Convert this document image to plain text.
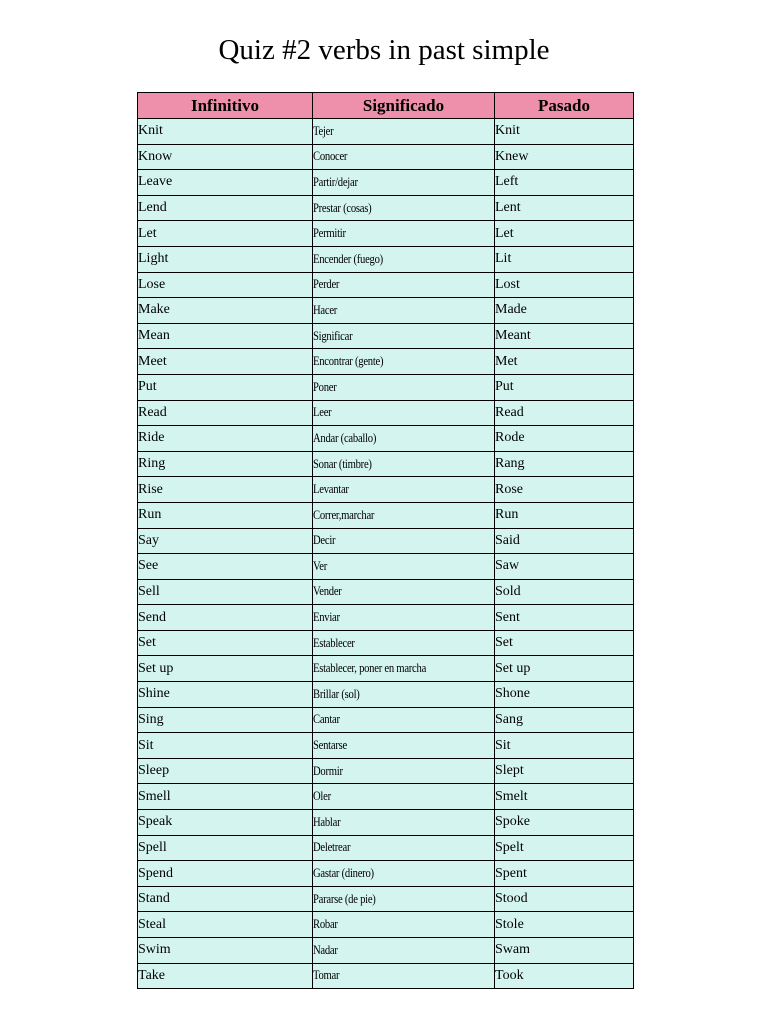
Quiz #2 verbs in past simple
Infinitivo	Significado	Pasado
Knit	Tejer	Knit
Know	Conocer	Knew
Leave	Partir/dejar	Left
Lend	Prestar (cosas)	Lent
Let	Permitir	Let
Light	Encender (fuego)	Lit
Lose	Perder	Lost
Make	Hacer	Made
Mean	Significar	Meant
Meet	Encontrar (gente)	Met
Put	Poner	Put
Read	Leer	Read
Ride	Andar (caballo)	Rode
Ring	Sonar (timbre)	Rang
Rise	Levantar	Rose
Run	Correr,marchar	Run
Say	Decir	Said
See	Ver	Saw
Sell	Vender	Sold
Send	Enviar	Sent
Set	Establecer	Set
Set up	Establecer, poner en marcha	Set up
Shine	Brillar (sol)	Shone
Sing	Cantar	Sang
Sit	Sentarse	Sit
Sleep	Dormir	Slept
Smell	Oler	Smelt
Speak	Hablar	Spoke
Spell	Deletrear	Spelt
Spend	Gastar (dinero)	Spent
Stand	Pararse (de pie)	Stood
Steal	Robar	Stole
Swim	Nadar	Swam
Take	Tomar	Took
